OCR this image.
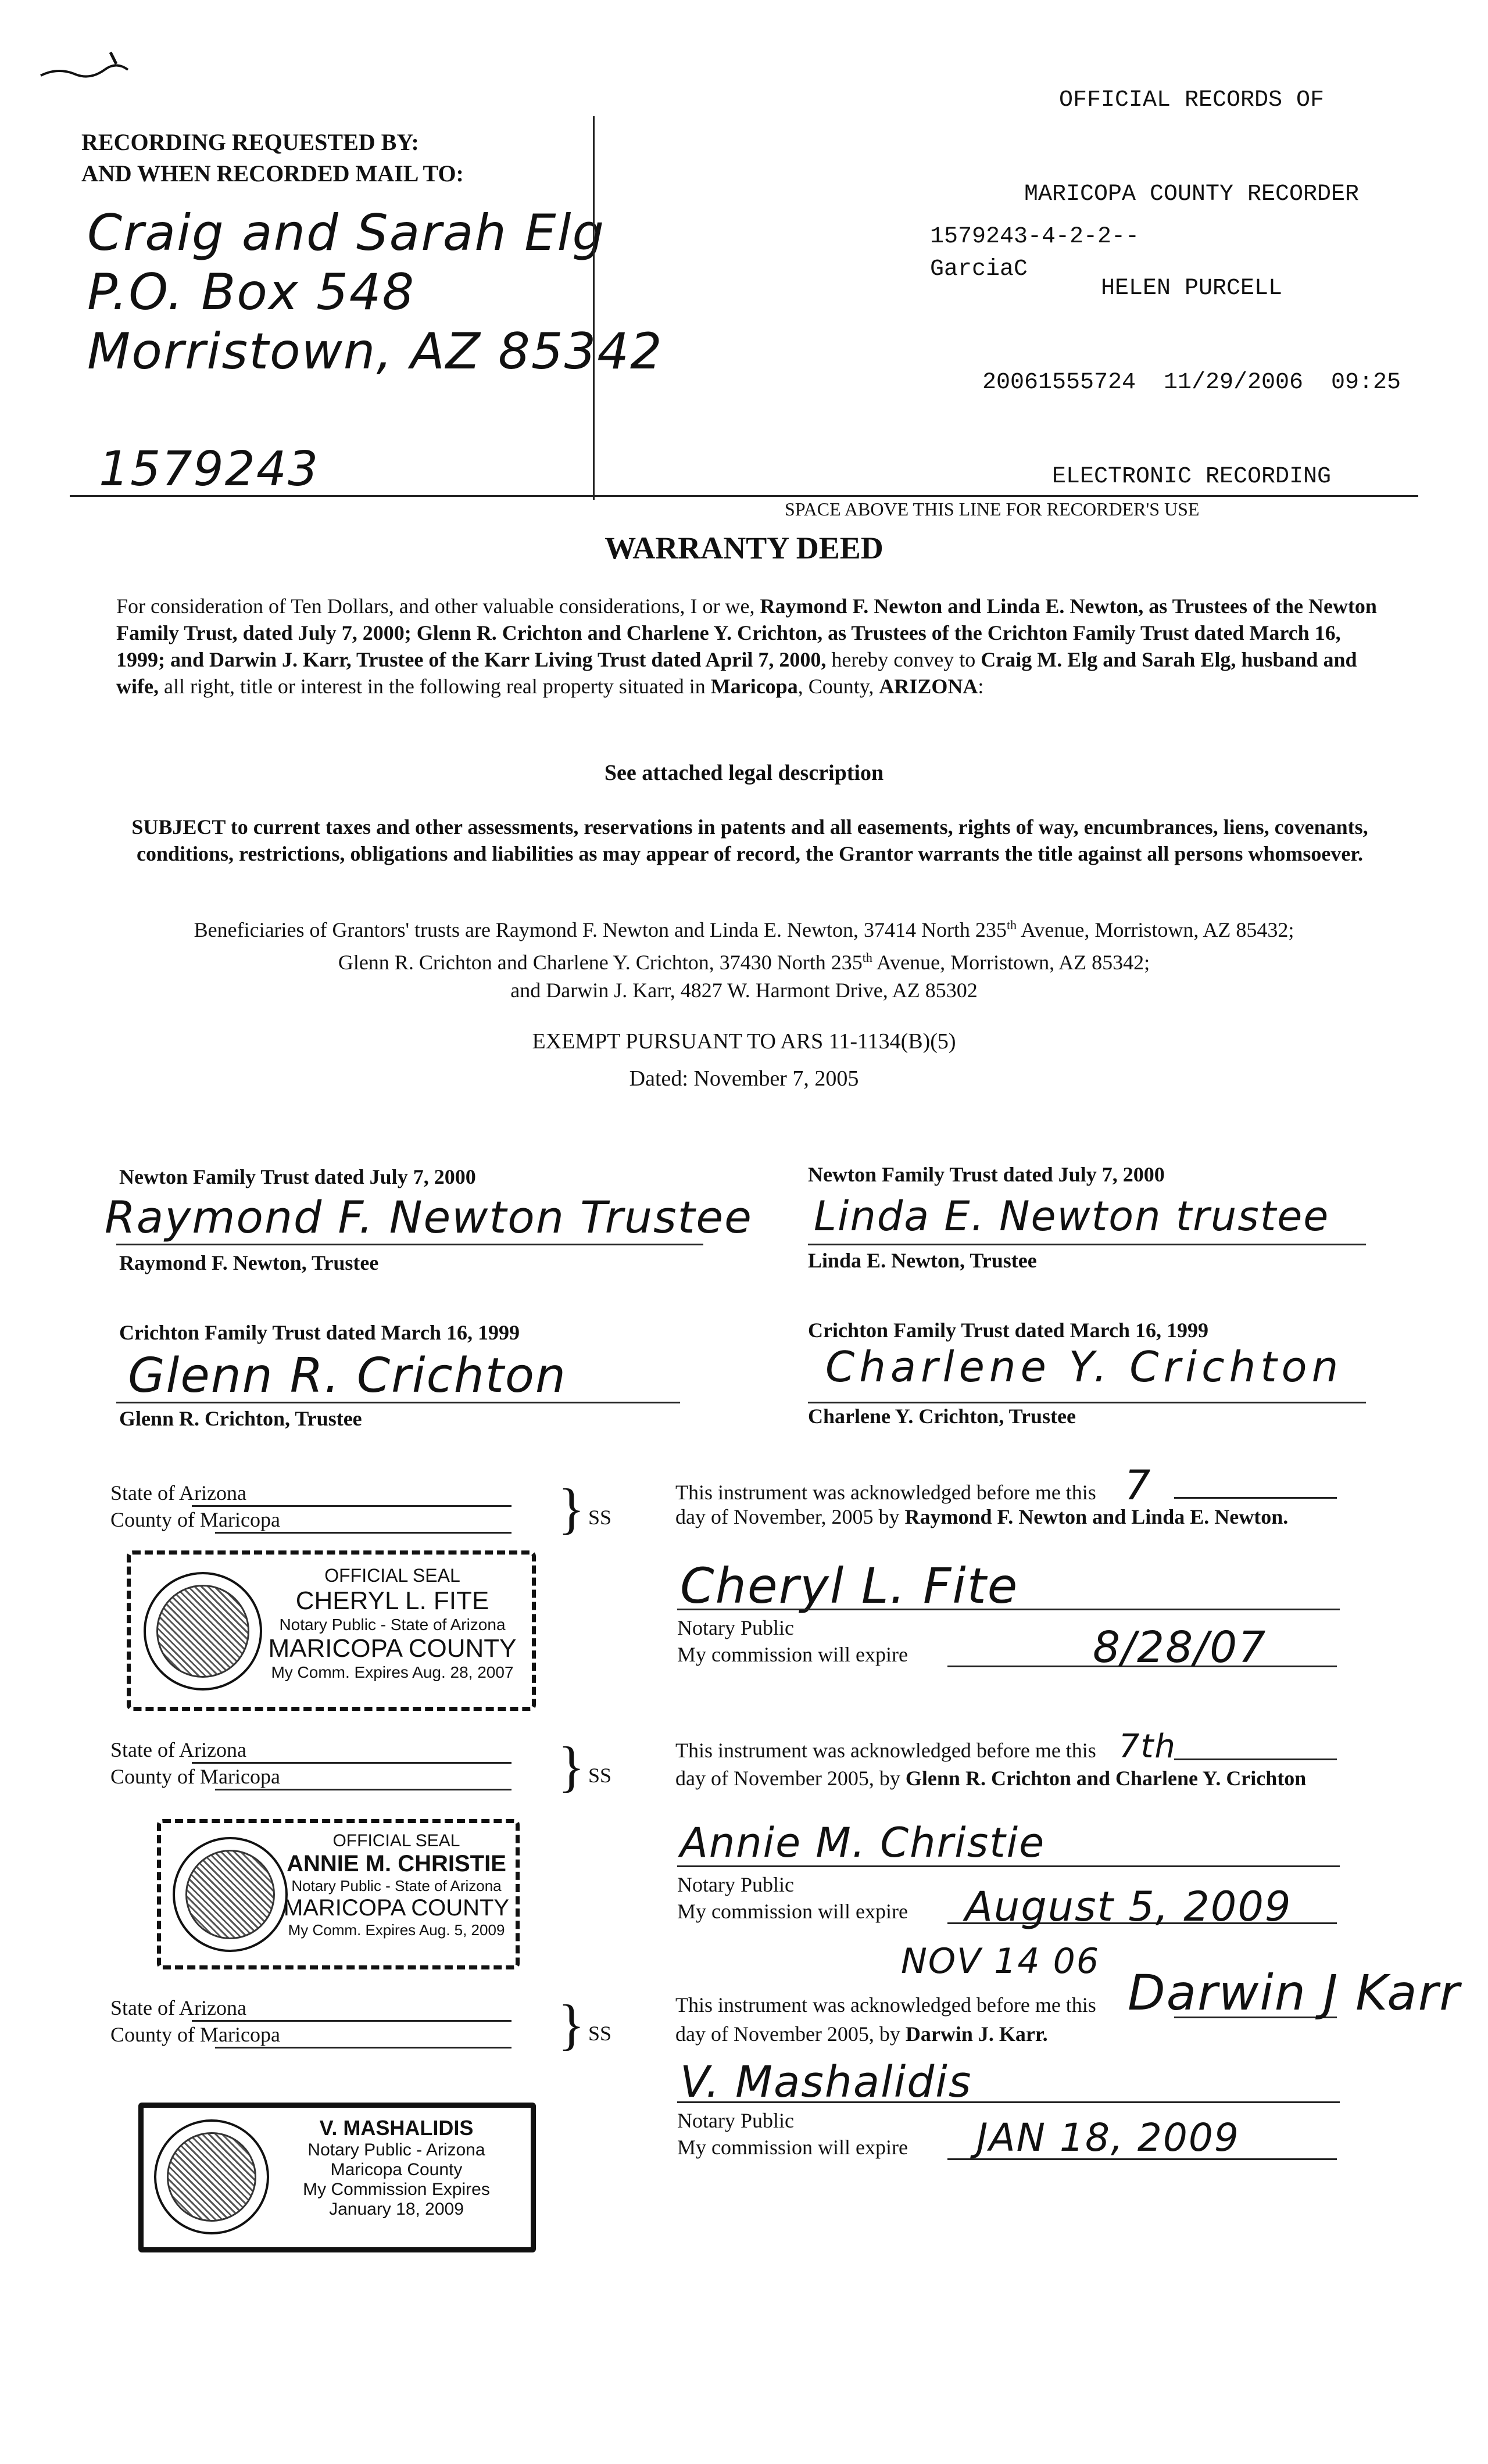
OFFICIAL RECORDS OF

MARICOPA COUNTY RECORDER

HELEN PURCELL

20061555724  11/29/2006  09:25

ELECTRONIC RECORDING

1579243-4-2-2--
GarciaC
RECORDING REQUESTED BY:
AND WHEN RECORDED MAIL TO:
Craig and Sarah Elg
P.O. Box 548
Morristown, AZ 85342
1579243
SPACE ABOVE THIS LINE FOR RECORDER'S USE
WARRANTY DEED
For consideration of Ten Dollars, and other valuable considerations, I or we, Raymond F. Newton and Linda E. Newton, as Trustees of the Newton Family Trust, dated July 7, 2000; Glenn R. Crichton and Charlene Y. Crichton, as Trustees of the Crichton Family Trust dated March 16, 1999; and Darwin J. Karr, Trustee of the Karr Living Trust dated April 7, 2000, hereby convey to Craig M. Elg and Sarah Elg, husband and wife, all right, title or interest in the following real property situated in Maricopa, County, ARIZONA:
See attached legal description
SUBJECT to current taxes and other assessments, reservations in patents and all easements, rights of way, encumbrances, liens, covenants, conditions, restrictions, obligations and liabilities as may appear of record, the Grantor warrants the title against all persons whomsoever.
Beneficiaries of Grantors' trusts are Raymond F. Newton and Linda E. Newton, 37414 North 235th Avenue, Morristown, AZ 85432;
Glenn R. Crichton and Charlene Y. Crichton, 37430 North 235th Avenue, Morristown, AZ 85342;
and Darwin J. Karr, 4827 W. Harmont Drive, AZ 85302
EXEMPT PURSUANT TO ARS 11-1134(B)(5)
Dated: November 7, 2005
Newton Family Trust dated July 7, 2000	Newton Family Trust dated July 7, 2000
Raymond F. Newton Trustee Linda E. Newton trustee
Raymond F. Newton, Trustee	Linda E. Newton, Trustee
Crichton Family Trust dated March 16, 1999	Crichton Family Trust dated March 16, 1999
Glenn R. Crichton	Charlene Y. Crichton
Glenn R. Crichton, Trustee	Charlene Y. Crichton, Trustee
State of Arizona
County of Maricopa	} SS
OFFICIAL SEAL
CHERYL L. FITE
Notary Public - State of Arizona
MARICOPA COUNTY
My Comm. Expires Aug. 28, 2007
This instrument was acknowledged before me this 7
day of November, 2005 by Raymond F. Newton and Linda E. Newton.
Cheryl L. Fite
Notary Public
My commission will expire	8/28/07
State of Arizona
County of Maricopa	} SS
OFFICIAL SEAL
ANNIE M. CHRISTIE
Notary Public - State of Arizona
MARICOPA COUNTY
My Comm. Expires Aug. 5, 2009
This instrument was acknowledged before me this 7th
day of November 2005, by Glenn R. Crichton and Charlene Y. Crichton
Annie M. Christie
Notary Public
My commission will expire August 5, 2009
State of Arizona
County of Maricopa	} SS
V. MASHALIDIS
Notary Public - Arizona
Maricopa County
My Commission Expires
January 18, 2009
NOV 14 06
This instrument was acknowledged before me this Darwin J Karr
day of November 2005, by Darwin J. Karr.
V. Mashalidis
Notary Public
My commission will expire JAN 18, 2009
